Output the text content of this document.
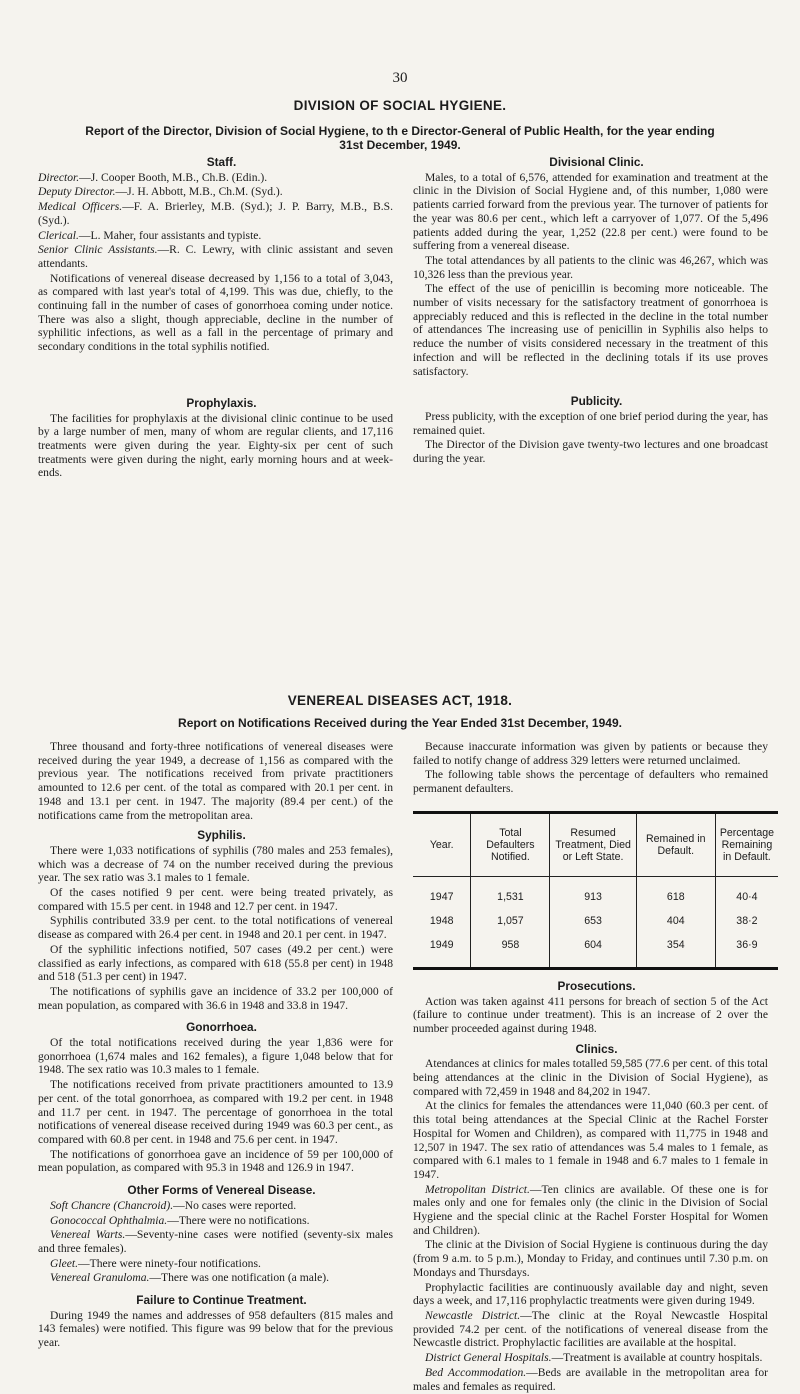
30
DIVISION OF SOCIAL HYGIENE.
Report of the Director, Division of Social Hygiene, to th e Director-General of Public Health, for the year ending
31st December, 1949.

Staff.

Director.—J. Cooper Booth, M.B., Ch.B. (Edin.).

Deputy Director.—J. H. Abbott, M.B., Ch.M. (Syd.).

Medical Officers.—F. A. Brierley, M.B. (Syd.); J. P. Barry, M.B., B.S. (Syd.).

Clerical.—L. Maher, four assistants and typiste.

Senior Clinic Assistants.—R. C. Lewry, with clinic assistant and seven attendants.

Notifications of venereal disease decreased by 1,156 to a total of 3,043, as compared with last year's total of 4,199. This was due, chiefly, to the continuing fall in the number of cases of gonorrhoea coming under notice. There was also a slight, though appreciable, decline in the number of syphilitic infections, as well as a fall in the percentage of primary and secondary conditions in the total syphilis notified.

Prophylaxis.

The facilities for prophylaxis at the divisional clinic continue to be used by a large number of men, many of whom are regular clients, and 17,116 treatments were given during the year. Eighty-six per cent of such treatments were given during the night, early morning hours and at week-ends.

Divisional Clinic.

Males, to a total of 6,576, attended for examination and treatment at the clinic in the Division of Social Hygiene and, of this number, 1,080 were patients carried forward from the previous year. The turnover of patients for the year was 80.6 per cent., which left a carryover of 1,077. Of the 5,496 patients added during the year, 1,252 (22.8 per cent.) were found to be suffering from a venereal disease.

The total attendances by all patients to the clinic was 46,267, which was 10,326 less than the previous year.

The effect of the use of penicillin is becoming more noticeable. The number of visits necessary for the satisfactory treatment of gonorrhoea is appreciably reduced and this is reflected in the decline in the total number of attendances The increasing use of penicillin in Syphilis also helps to reduce the number of visits considered necessary in the treatment of this infection and will be reflected in the declining totals if its use proves satisfactory.

Publicity.

Press publicity, with the exception of one brief period during the year, has remained quiet.

The Director of the Division gave twenty-two lectures and one broadcast during the year.

VENEREAL DISEASES ACT, 1918.
Report on Notifications Received during the Year Ended 31st December, 1949.

Three thousand and forty-three notifications of venereal diseases were received during the year 1949, a decrease of 1,156 as compared with the previous year. The notifications received from private practitioners amounted to 12.6 per cent. of the total as compared with 20.1 per cent. in 1948 and 13.1 per cent. in 1947. The majority (89.4 per cent.) of the notifications came from the metropolitan area.

Syphilis.

There were 1,033 notifications of syphilis (780 males and 253 females), which was a decrease of 74 on the number received during the previous year. The sex ratio was 3.1 males to 1 female.

Of the cases notified 9 per cent. were being treated privately, as compared with 15.5 per cent. in 1948 and 12.7 per cent. in 1947.

Syphilis contributed 33.9 per cent. to the total notifications of venereal disease as compared with 26.4 per cent. in 1948 and 20.1 per cent. in 1947.

Of the syphilitic infections notified, 507 cases (49.2 per cent.) were classified as early infections, as compared with 618 (55.8 per cent) in 1948 and 518 (51.3 per cent) in 1947.

The notifications of syphilis gave an incidence of 33.2 per 100,000 of mean population, as compared with 36.6 in 1948 and 33.8 in 1947.

Gonorrhoea.

Of the total notifications received during the year 1,836 were for gonorrhoea (1,674 males and 162 females), a figure 1,048 below that for 1948. The sex ratio was 10.3 males to 1 female.

The notifications received from private practitioners amounted to 13.9 per cent. of the total gonorrhoea, as compared with 19.2 per cent. in 1948 and 11.7 per cent. in 1947. The percentage of gonorrhoea in the total notifications of venereal disease received during 1949 was 60.3 per cent., as compared with 60.8 per cent. in 1948 and 75.6 per cent. in 1947.

The notifications of gonorrhoea gave an incidence of 59 per 100,000 of mean population, as compared with 95.3 in 1948 and 126.9 in 1947.

Other Forms of Venereal Disease.

Soft Chancre (Chancroid).—No cases were reported.

Gonococcal Ophthalmia.—There were no notifications.

Venereal Warts.—Seventy-nine cases were notified (seventy-six males and three females).

Gleet.—There were ninety-four notifications.

Venereal Granuloma.—There was one notification (a male).

Failure to Continue Treatment.

During 1949 the names and addresses of 958 defaulters (815 males and 143 females) were notified. This figure was 99 below that for the previous year.

Because inaccurate information was given by patients or because they failed to notify change of address 329 letters were returned unclaimed.

The following table shows the percentage of defaulters who remained permanent defaulters.

Year.	Total Defaulters Notified.	Resumed Treatment, Died or Left State.	Remained in Default.	Percentage Remaining in Default.
1947	1,531	913	618	40·4
1948	1,057	653	404	38·2
1949	958	604	354	36·9

Prosecutions.

Action was taken against 411 persons for breach of section 5 of the Act (failure to continue under treatment). This is an increase of 2 over the number proceeded against during 1948.

Clinics.

Atendances at clinics for males totalled 59,585 (77.6 per cent. of this total being attendances at the clinic in the Division of Social Hygiene), as compared with 72,459 in 1948 and 84,202 in 1947.

At the clinics for females the attendances were 11,040 (60.3 per cent. of this total being attendances at the Special Clinic at the Rachel Forster Hospital for Women and Children), as compared with 11,775 in 1948 and 12,507 in 1947. The sex ratio of attendances was 5.4 males to 1 female, as compared with 6.1 males to 1 female in 1948 and 6.7 males to 1 female in 1947.

Metropolitan District.—Ten clinics are available. Of these one is for males only and one for females only (the clinic in the Division of Social Hygiene and the special clinic at the Rachel Forster Hospital for Women and Children).

The clinic at the Division of Social Hygiene is continuous during the day (from 9 a.m. to 5 p.m.), Monday to Friday, and continues until 7.30 p.m. on Mondays and Thursdays.

Prophylactic facilities are continuously available day and night, seven days a week, and 17,116 prophylactic treatments were given during 1949.

Newcastle District.—The clinic at the Royal Newcastle Hospital provided 74.2 per cent. of the notifications of venereal disease from the Newcastle district. Prophylactic facilities are available at the hospital.

District General Hospitals.—Treatment is available at country hospitals.

Bed Accommodation.—Beds are available in the metropolitan area for males and females as required.
